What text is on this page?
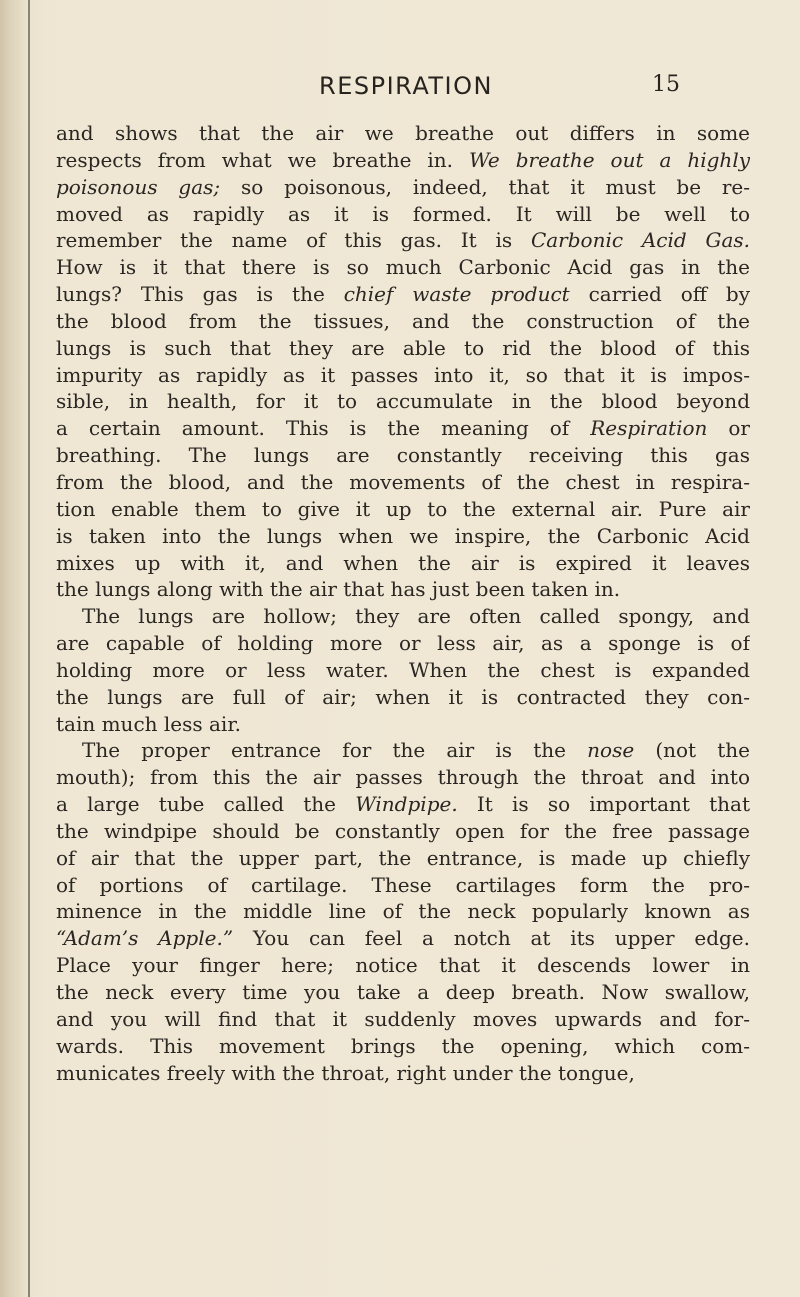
RESPIRATION	15
and shows that the air we breathe out differs in some
respects from what we breathe in. We breathe out a highly
poisonous gas; so poisonous, indeed, that it must be re-
moved as rapidly as it is formed. It will be well to
remember the name of this gas. It is Carbonic Acid Gas.
How is it that there is so much Carbonic Acid gas in the
lungs? This gas is the chief waste product carried off by
the blood from the tissues, and the construction of the
lungs is such that they are able to rid the blood of this
impurity as rapidly as it passes into it, so that it is impos-
sible, in health, for it to accumulate in the blood beyond
a certain amount. This is the meaning of Respiration or
breathing. The lungs are constantly receiving this gas
from the blood, and the movements of the chest in respira-
tion enable them to give it up to the external air. Pure air
is taken into the lungs when we inspire, the Carbonic Acid
mixes up with it, and when the air is expired it leaves
the lungs along with the air that has just been taken in.
The lungs are hollow; they are often called spongy, and
are capable of holding more or less air, as a sponge is of
holding more or less water. When the chest is expanded
the lungs are full of air; when it is contracted they con-
tain much less air.
The proper entrance for the air is the nose (not the
mouth); from this the air passes through the throat and into
a large tube called the Windpipe. It is so important that
the windpipe should be constantly open for the free passage
of air that the upper part, the entrance, is made up chiefly
of portions of cartilage. These cartilages form the pro-
minence in the middle line of the neck popularly known as
“Adam’s Apple.” You can feel a notch at its upper edge.
Place your finger here; notice that it descends lower in
the neck every time you take a deep breath. Now swallow,
and you will find that it suddenly moves upwards and for-
wards. This movement brings the opening, which com-
municates freely with the throat, right under the tongue,
